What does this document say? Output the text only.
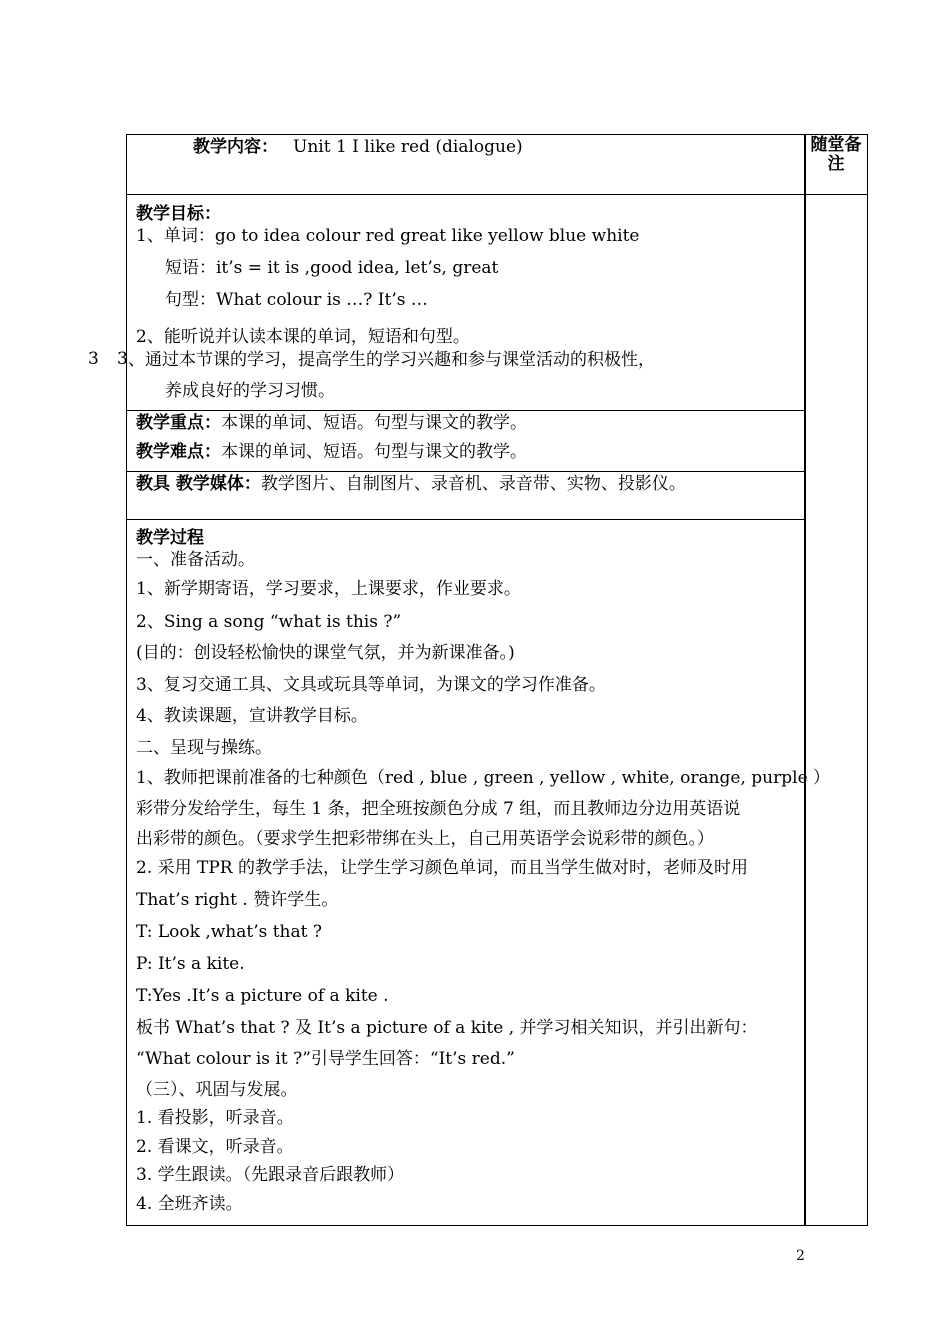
教学内容： Unit 1 I like red (dialogue)	随堂备注
教学目标：
1、单词：go to idea colour red great like yellow blue white
短语：it’s = it is ,good idea, let’s, great
句型：What colour is …? It’s …
2、能听说并认读本课的单词，短语和句型。
3 3 、通过本节课的学习，提高学生的学习兴趣和参与课堂活动的积极性，
养成良好的学习习惯。
教学重点：本课的单词、短语。句型与课文的教学。
教学难点：本课的单词、短语。句型与课文的教学。
教具 教学媒体：教学图片、自制图片、录音机、录音带、实物、投影仪。
教学过程
一、准备活动。
1、新学期寄语，学习要求，上课要求，作业要求。
2、Sing a song “what is this ?”
(目的：创设轻松愉快的课堂气氛，并为新课准备。)
3、复习交通工具、文具或玩具等单词，为课文的学习作准备。
4、教读课题，宣讲教学目标。
二、呈现与操练。
1、教师把课前准备的七种颜色（red , blue , green , yellow , white, orange, purple ）
彩带分发给学生，每生 1 条，把全班按颜色分成 7 组，而且教师边分边用英语说
出彩带的颜色。（要求学生把彩带绑在头上，自己用英语学会说彩带的颜色。）
2. 采用 TPR 的教学手法，让学生学习颜色单词，而且当学生做对时，老师及时用
That’s right . 赞许学生。
T: Look ,what’s that ?
P: It’s a kite.
T:Yes .It’s a picture of a kite .
板书 What’s that ? 及 It’s a picture of a kite , 并学习相关知识，并引出新句：
“What colour is it ?”引导学生回答：“It’s red.”
（三）、巩固与发展。
1. 看投影，听录音。
2. 看课文，听录音。
3. 学生跟读。（先跟录音后跟教师）
4. 全班齐读。
2
